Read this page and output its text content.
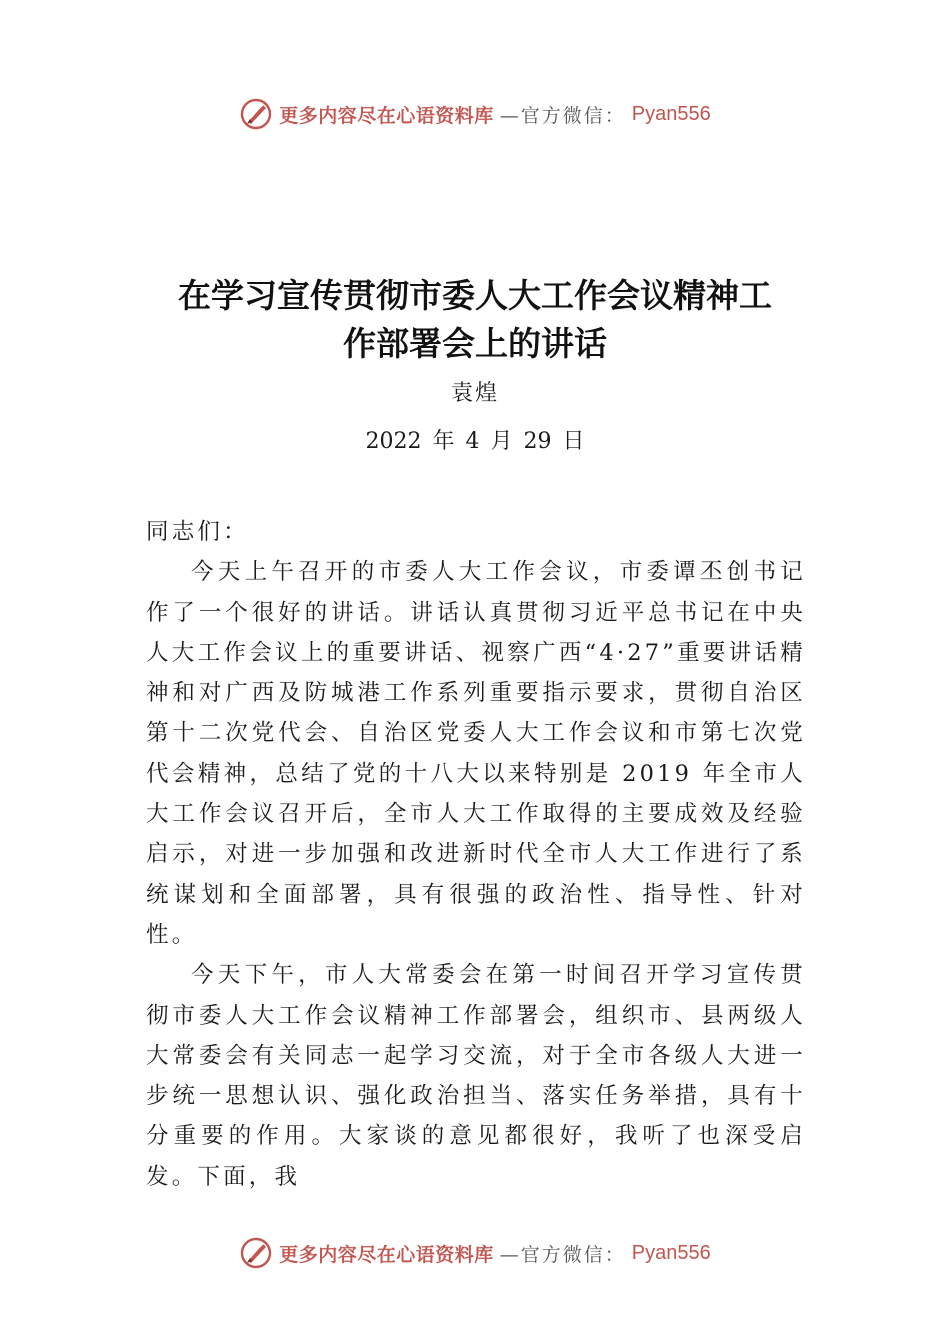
更多内容尽在心语资料库 —官方微信： Pyan556
在学习宣传贯彻市委人大工作会议精神工
作部署会上的讲话
袁煌
2022 年 4 月 29 日

同志们：

今天上午召开的市委人大工作会议，市委谭丕创书记作了一个很好的讲话。讲话认真贯彻习近平总书记在中央人大工作会议上的重要讲话、视察广西“4·27”重要讲话精神和对广西及防城港工作系列重要指示要求，贯彻自治区第十二次党代会、自治区党委人大工作会议和市第七次党代会精神，总结了党的十八大以来特别是 2019 年全市人大工作会议召开后，全市人大工作取得的主要成效及经验启示，对进一步加强和改进新时代全市人大工作进行了系统谋划和全面部署，具有很强的政治性、指导性、针对性。

今天下午，市人大常委会在第一时间召开学习宣传贯彻市委人大工作会议精神工作部署会，组织市、县两级人大常委会有关同志一起学习交流，对于全市各级人大进一步统一思想认识、强化政治担当、落实任务举措，具有十分重要的作用。大家谈的意见都很好，我听了也深受启发。下面，我

更多内容尽在心语资料库 —官方微信： Pyan556
